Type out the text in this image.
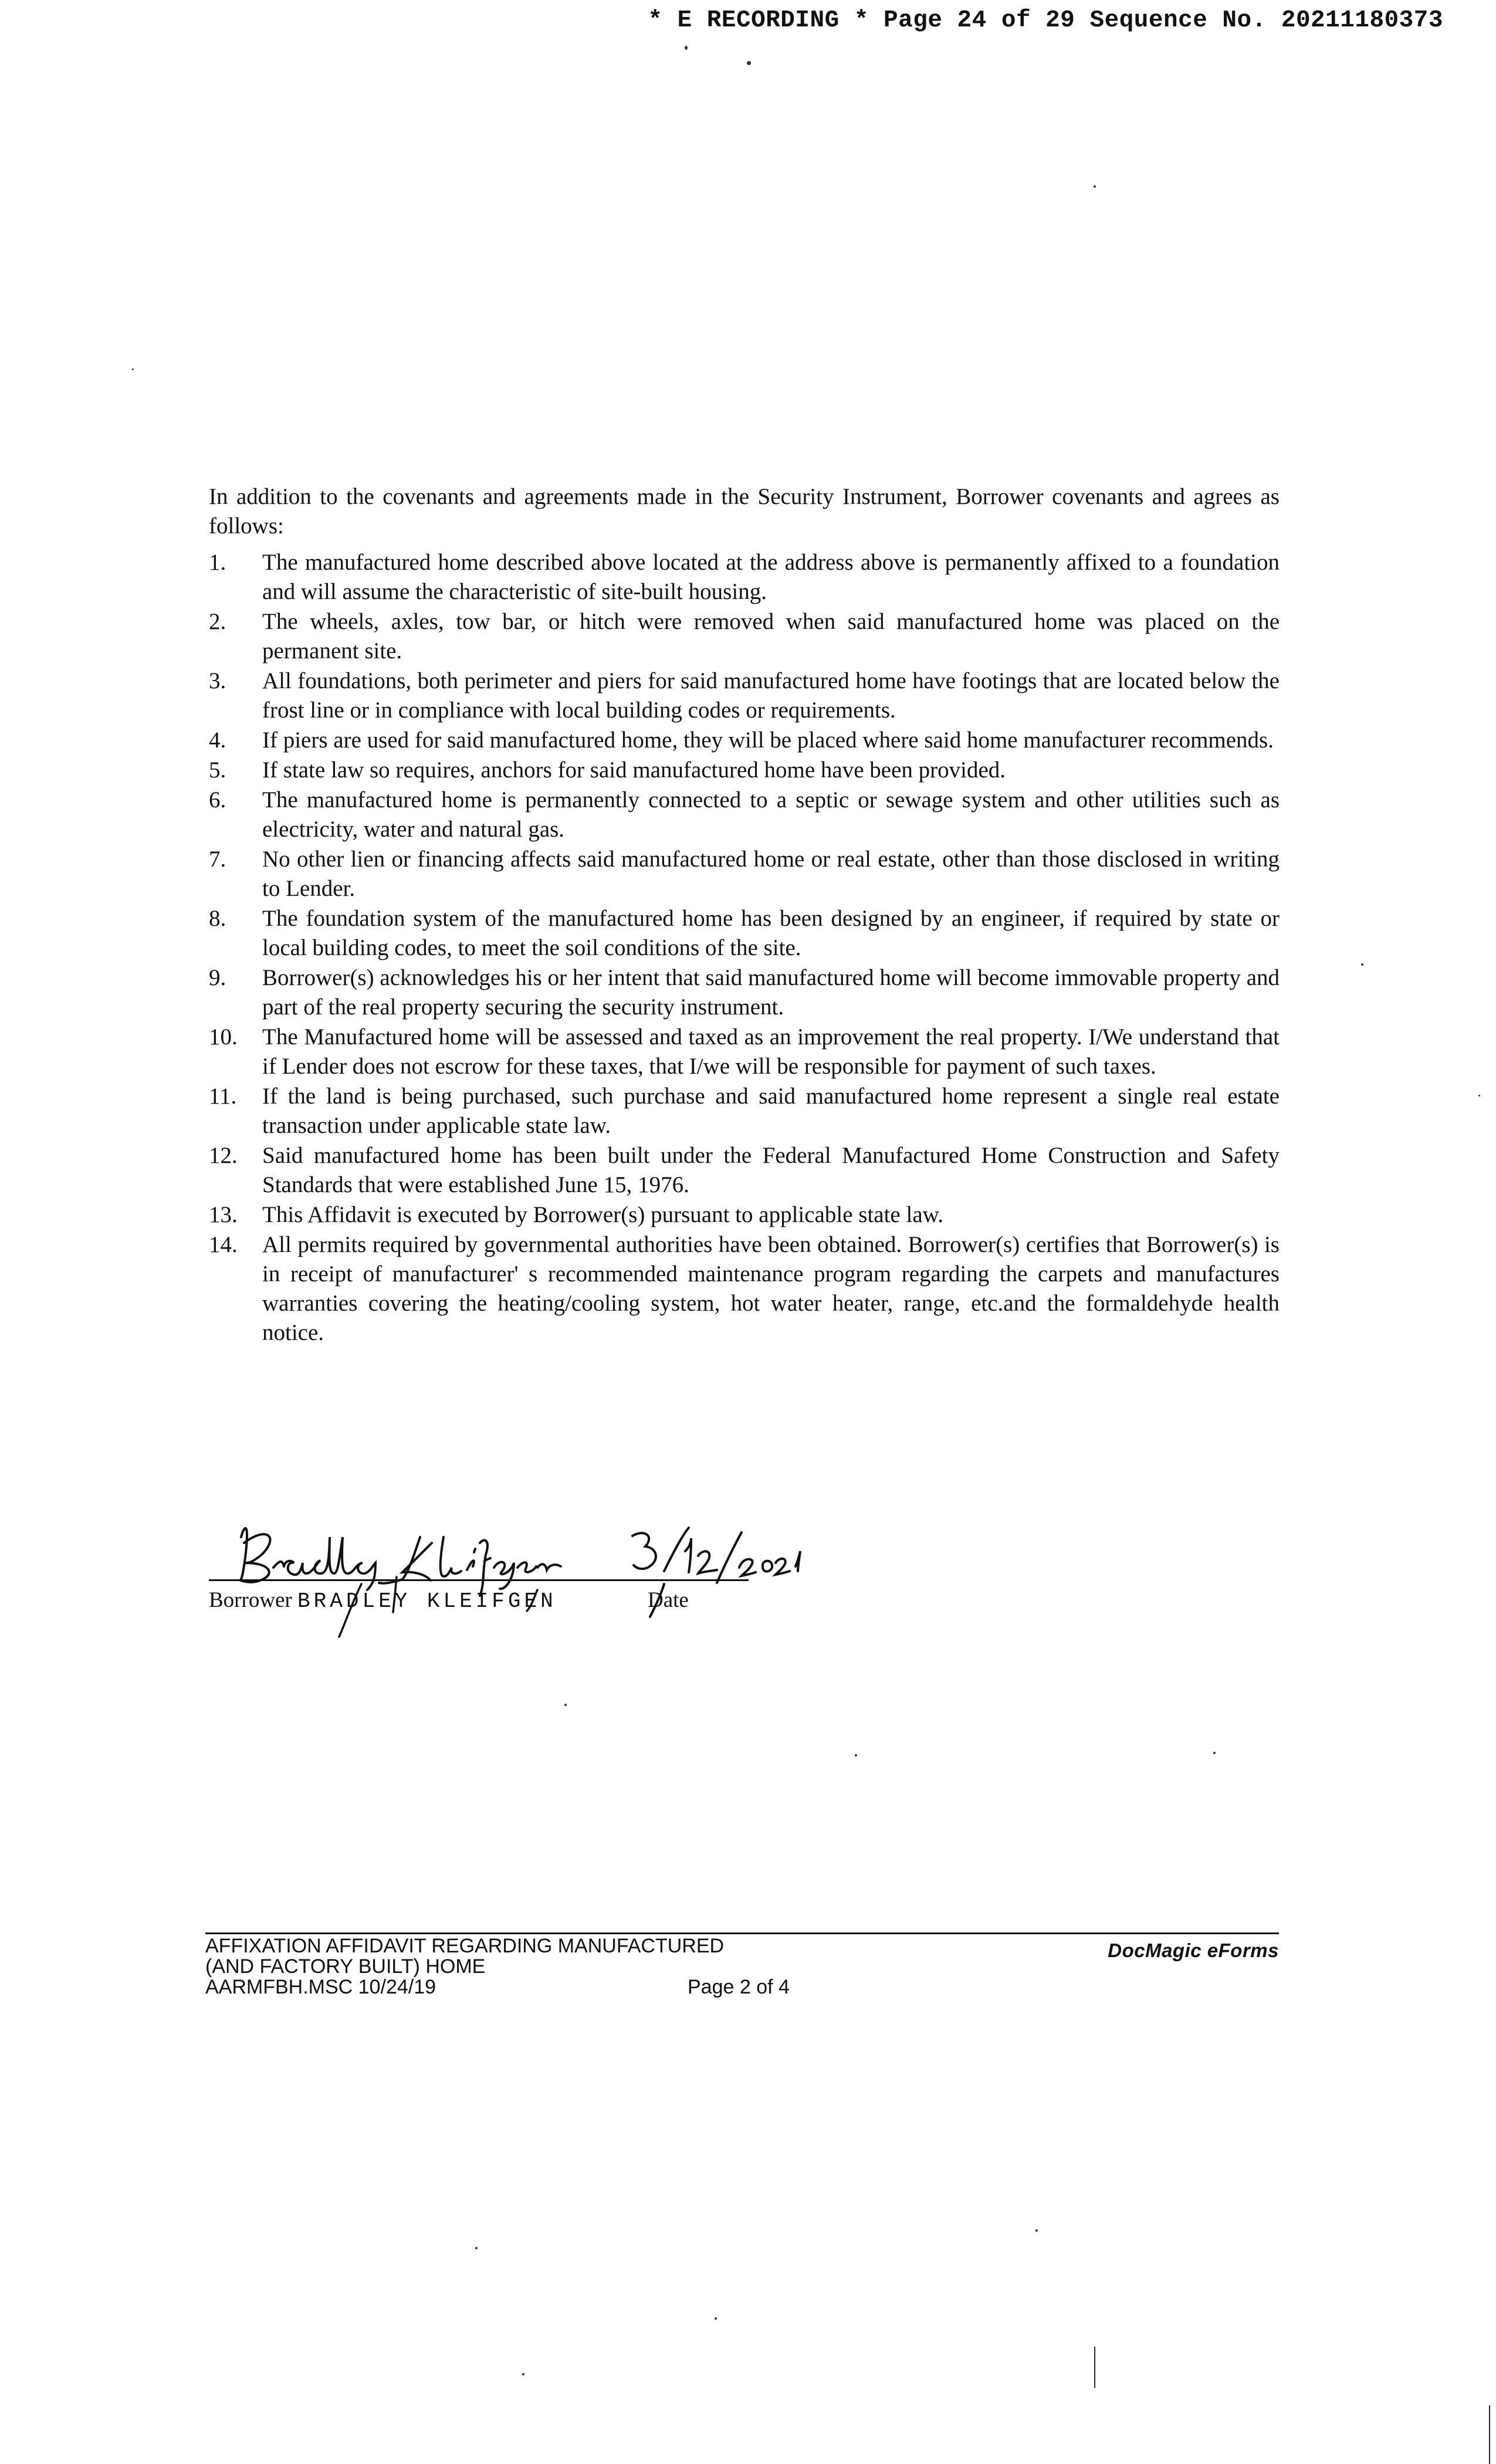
* E RECORDING * Page 24 of 29 Sequence No. 20211180373

In addition to the covenants and agreements made in the Security Instrument, Borrower covenants and agrees as follows:

1. The manufactured home described above located at the address above is permanently affixed to a foundation and will assume the characteristic of site-built housing.
2. The wheels, axles, tow bar, or hitch were removed when said manufactured home was placed on the permanent site.
3. All foundations, both perimeter and piers for said manufactured home have footings that are located below the frost line or in compliance with local building codes or requirements.
4. If piers are used for said manufactured home, they will be placed where said home manufacturer recommends.
5. If state law so requires, anchors for said manufactured home have been provided.
6. The manufactured home is permanently connected to a septic or sewage system and other utilities such as electricity, water and natural gas.
7. No other lien or financing affects said manufactured home or real estate, other than those disclosed in writing to Lender.
8. The foundation system of the manufactured home has been designed by an engineer, if required by state or local building codes, to meet the soil conditions of the site.
9. Borrower(s) acknowledges his or her intent that said manufactured home will become immovable property and part of the real property securing the security instrument.
10. The Manufactured home will be assessed and taxed as an improvement the real property. I/We understand that if Lender does not escrow for these taxes, that I/we will be responsible for payment of such taxes.
11. If the land is being purchased, such purchase and said manufactured home represent a single real estate transaction under applicable state law.
12. Said manufactured home has been built under the Federal Manufactured Home Construction and Safety Standards that were established June 15, 1976.
13. This Affidavit is executed by Borrower(s) pursuant to applicable state law.
14. All permits required by governmental authorities have been obtained. Borrower(s) certifies that Borrower(s) is in receipt of manufacturer' s recommended maintenance program regarding the carpets and manufactures warranties covering the heating/cooling system, hot water heater, range, etc.and the formaldehyde health notice.
Borrower BRADLEY KLEIFGEN	Date
AFFIXATION AFFIDAVIT REGARDING MANUFACTURED
(AND FACTORY BUILT) HOME
AARMFBH.MSC 10/24/19	Page 2 of 4
DocMagic eForms
